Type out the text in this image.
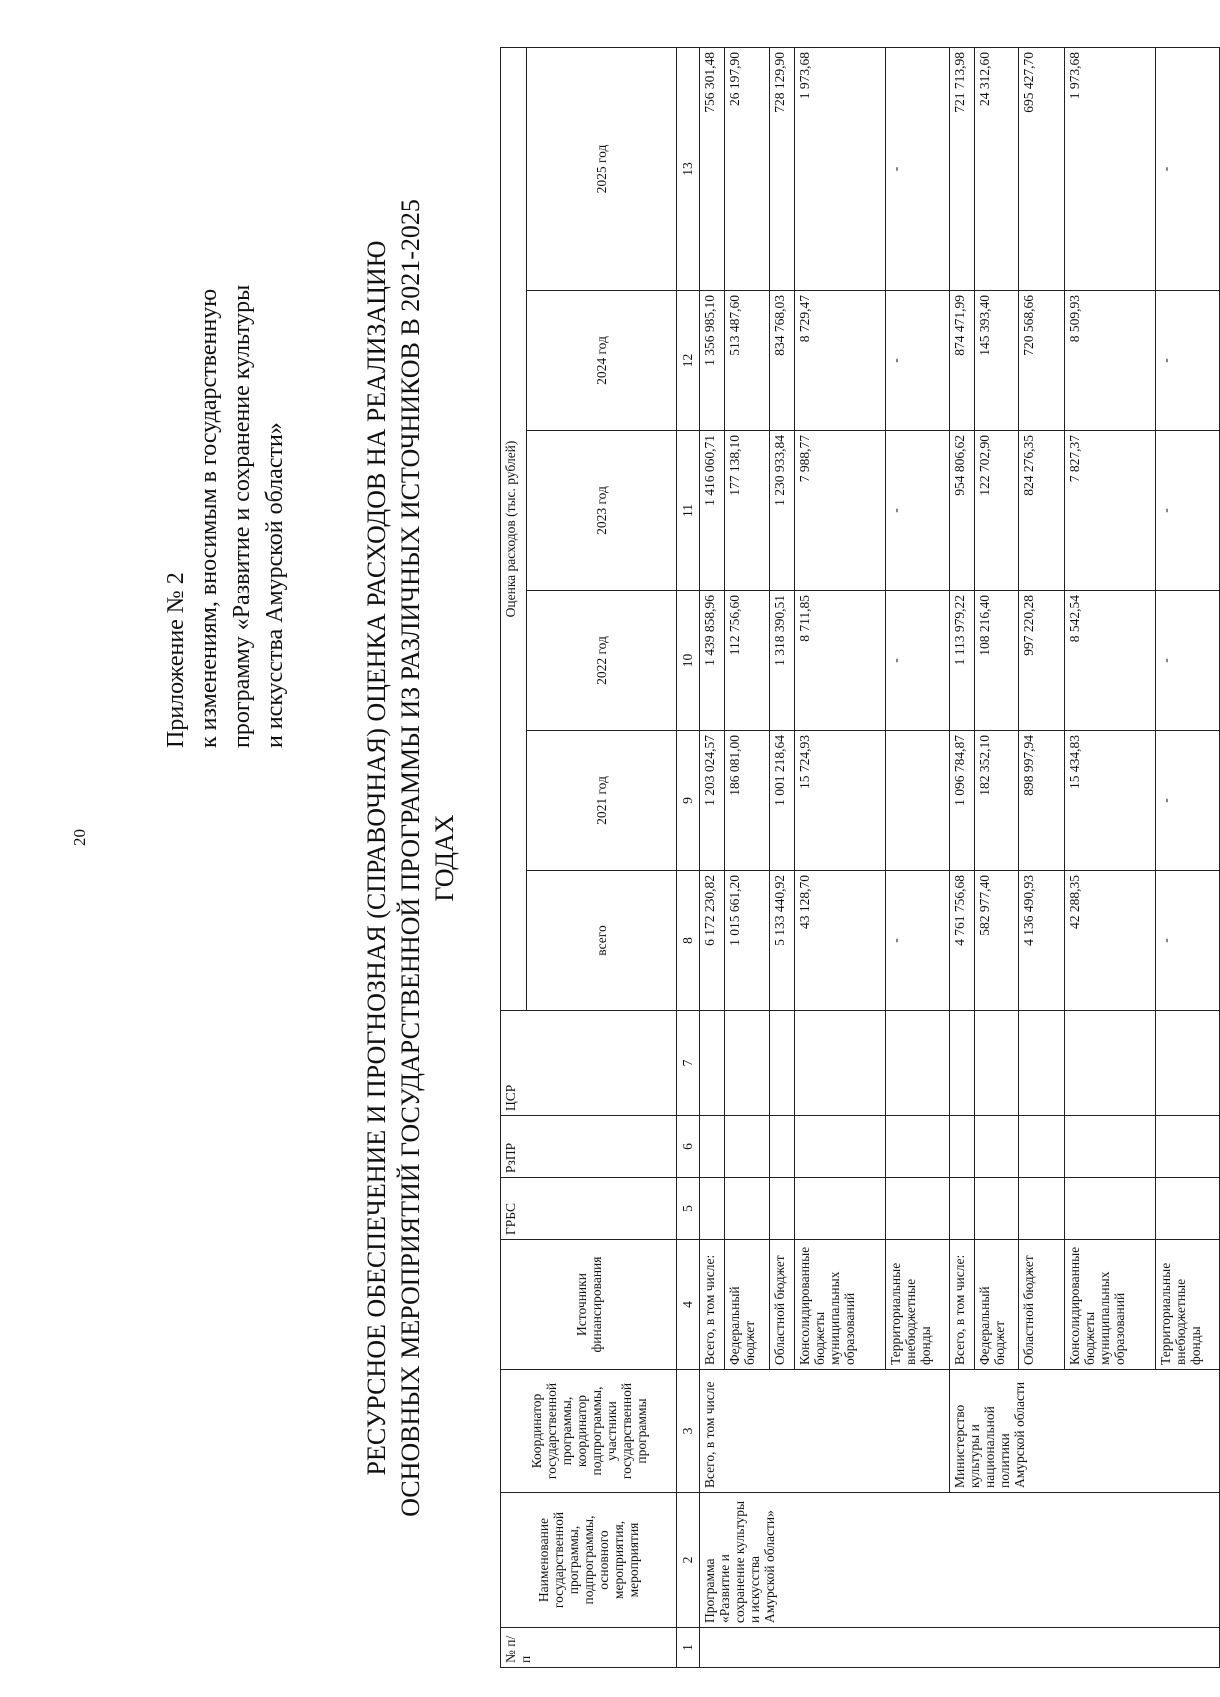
20
Приложение № 2 к изменениям, вносимым в государственную программу «Развитие и сохранение культуры и искусства Амурской области»	РЕСУРСНОЕ ОБЕСПЕЧЕНИЕ И ПРОГНОЗНАЯ (СПРАВОЧНАЯ) ОЦЕНКА РАСХОДОВ НА РЕАЛИЗАЦИЮ ОСНОВНЫХ МЕРОПРИЯТИЙ ГОСУДАРСТВЕННОЙ ПРОГРАММЫ ИЗ РАЗЛИЧНЫХ ИСТОЧНИКОВ В 2021-2025 ГОДАХ
№ п/п	Наименование государственной программы, подпрограммы, основного мероприятия, мероприятия	Координатор государственной программы, координатор подпрограммы, участники государственной программы	Источники финансирования	ГРБС	РзПР	ЦСР	Оценка расходов (тыс. рублей)					
							всего	2021 год	2022 год	2023 год	2024 год	2025 год
1	2	3	4	5	6	7	8	9	10	11	12	13
	Программа «Развитие и сохранение культуры и искусства Амурской области»	Всего, в том числе	Всего, в том числе:				6 172 230,82	1 203 024,57	1 439 858,96	1 416 060,71	1 356 985,10	756 301,48
			Федеральный бюджет				1 015 661,20	186 081,00	112 756,60	177 138,10	513 487,60	26 197,90
			Областной бюджет				5 133 440,92	1 001 218,64	1 318 390,51	1 230 933,84	834 768,03	728 129,90
			Консолидированные бюджеты муниципальных образований				43 128,70	15 724,93	8 711,85	7 988,77	8 729,47	1 973,68
			Территориальные внебюджетные фонды				-		-	-	-	-
		Министерство культуры и национальной политики Амурской области	Всего, в том числе:				4 761 756,68	1 096 784,87	1 113 979,22	954 806,62	874 471,99	721 713,98
			Федеральный бюджет				582 977,40	182 352,10	108 216,40	122 702,90	145 393,40	24 312,60
			Областной бюджет				4 136 490,93	898 997,94	997 220,28	824 276,35	720 568,66	695 427,70
			Консолидированные бюджеты муниципальных образований				42 288,35	15 434,83	8 542,54	7 827,37	8 509,93	1 973,68
			Территориальные внебюджетные фонды				-	-	-	-	-	-
